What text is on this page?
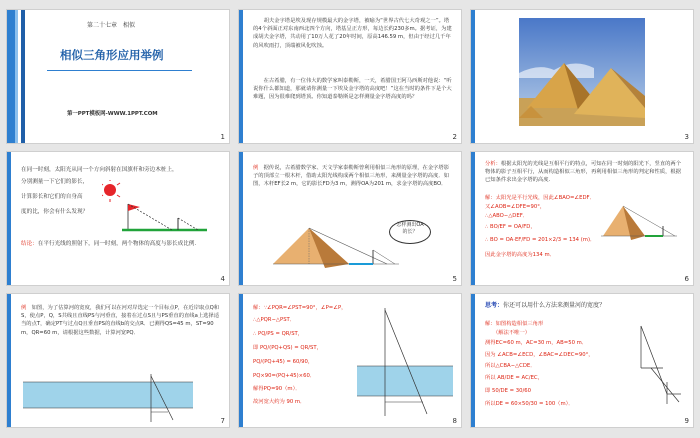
第二十七章　相似
相似三角形应用举例
第一PPT模板网-WWW.1PPT.COM
1
　　胡夫金字塔是埃及现存规模最大的金字塔，被喻为“世界古代七大奇观之一”。塔的4个斜面正对东南西北四个方向，塔基呈正方形，每边长约230多m。据考证，为建成胡夫金字塔，共动用了10万人花了20年时间，原高146.59 m，但由于经过几千年的风吹雨打，顶端被风化吹蚀。
　　在古希腊，有一位伟大的数学家叫泰勒斯，一天，希腊国王阿马西斯对他说：“听说你什么都知道，那就请你测量一下埃及金字塔的高度吧！”这在当时的条件下是个大难题，因为很难爬到塔顶。你知道泰勒斯是怎样测量金字塔高度的吗？
2	3
在同一时刻，太阳光从同一个方向斜射在国旗杆和旁边木桩上，
分别测量一下它们的影长，
计算影长和它们的自身高
度的比，你会有什么发现？
结论：在平行光线的照射下，同一时刻，两个物体的高度与影长成比例.
4
例　 据传说，古希腊数学家、天文学家泰勒斯曾利用相似三角形的原理，在金字塔影子的顶部立一根木杆，借助太阳光线构成两个相似三角形，来测量金字塔的高度．如图，木杆EF长2 m，它的影长FD为3 m，测得OA为201 m，求金字塔的高度BO．
怎样测出OA的长？
5
分析：根据太阳光的光线是互相平行的特点，可知在同一时刻的阳光下，竖直的两个物体的影子互相平行，从而构造相似三角形，再利用相似三角形的判定和性质，根据已知条件求出金字塔的高度.
解：太阳光是平行光线，因此∠BAO=∠EDF．
又∠AOB=∠DFE=90°，
∴△ABO∽△DEF．
∴ BO/EF = OA/FD，
∴ BO = OA·EF/FD = 201×2/3 = 134 (m)．
因此金字塔的高度为134 m．
6
例　 如图，为了估算河的宽度，我们可以在河对岸选定一个目标点P，在近岸取点Q和S，使点P，Q，S共线且直线PS与河垂直，接着在过点S且与PS垂直的直线a上选择适当的点T，确定PT与过点Q且垂直PS的直线b的交点R．已测得QS=45 m，ST=90 m，QR=60 m，请根据这些数据，计算河宽PQ．
7
解：∵∠PQR=∠PST=90°，∠P=∠P，
∴△PQR∽△PST．
∴ PQ/PS = QR/ST，
即 PQ/(PQ+QS) = QR/ST，
PQ/(PQ+45) = 60/90，
PQ×90=(PQ+45)×60．
解得PQ=90（m）．
故河宽大约为 90 m．
8
思考：你还可以用什么方法来测量河的宽度？
解：如图构造相似三角形
（解法不唯一）
测得EC=60 m，AC=30 m，AB=50 m．
因为 ∠ACB=∠ECD，∠BAC=∠DEC=90°，
所以△CBA∽△CDE．
所以 AB/DE = AC/EC，
即 50/DE = 30/60
所以DE = 60×50/30 = 100（m）．
9
